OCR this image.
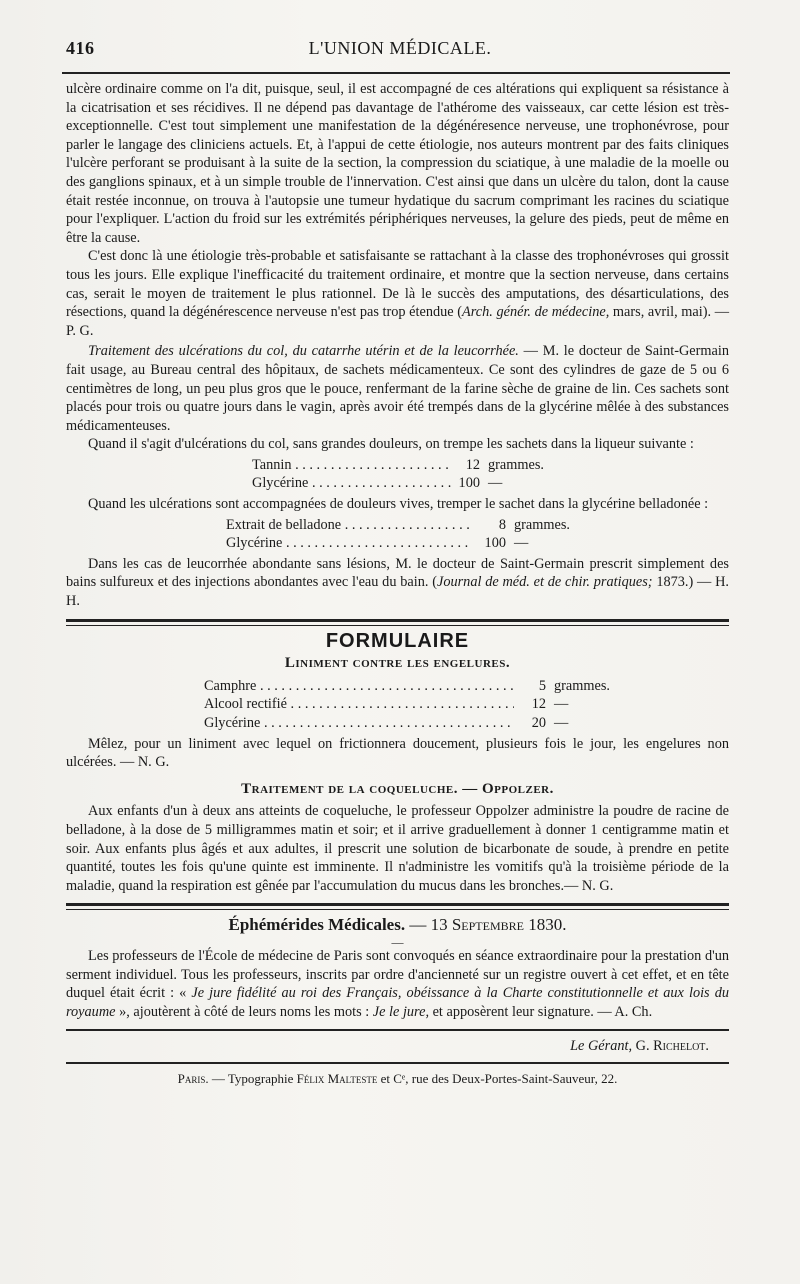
416	L'UNION MÉDICALE.

ulcère ordinaire comme on l'a dit, puisque, seul, il est accompagné de ces altérations qui expliquent sa résistance à la cicatrisation et ses récidives. Il ne dépend pas davantage de l'athérome des vaisseaux, car cette lésion est très-exceptionnelle. C'est tout simplement une manifestation de la dégénéresence nerveuse, une trophonévrose, pour parler le langage des cliniciens actuels. Et, à l'appui de cette étiologie, nos auteurs montrent par des faits cliniques l'ulcère perforant se produisant à la suite de la section, la compression du sciatique, à une maladie de la moelle ou des ganglions spinaux, et à un simple trouble de l'innervation. C'est ainsi que dans un ulcère du talon, dont la cause était restée inconnue, on trouva à l'autopsie une tumeur hydatique du sacrum comprimant les racines du sciatique pour l'expliquer. L'action du froid sur les extrémités périphériques nerveuses, la gelure des pieds, peut de même en être la cause.

C'est donc là une étiologie très-probable et satisfaisante se rattachant à la classe des trophonévroses qui grossit tous les jours. Elle explique l'inefficacité du traitement ordinaire, et montre que la section nerveuse, dans certains cas, serait le moyen de traitement le plus rationnel. De là le succès des amputations, des désarticulations, des résections, quand la dégénérescence nerveuse n'est pas trop étendue (Arch. génér. de médecine, mars, avril, mai). — P. G.

Traitement des ulcérations du col, du catarrhe utérin et de la leucorrhée. — M. le docteur de Saint-Germain fait usage, au Bureau central des hôpitaux, de sachets médicamenteux. Ce sont des cylindres de gaze de 5 ou 6 centimètres de long, un peu plus gros que le pouce, renfermant de la farine sèche de graine de lin. Ces sachets sont placés pour trois ou quatre jours dans le vagin, après avoir été trempés dans de la glycérine mêlée à des substances médicamenteuses.

Quand il s'agit d'ulcérations du col, sans grandes douleurs, on trempe les sachets dans la liqueur suivante :

Tannin . . .	12 grammes.
Glycérine . . .	100 —

Quand les ulcérations sont accompagnées de douleurs vives, tremper le sachet dans la glycérine belladonée :

Extrait de belladone . . .	8 grammes.
Glycérine . . .	100 —

Dans les cas de leucorrhée abondante sans lésions, M. le docteur de Saint-Germain prescrit simplement des bains sulfureux et des injections abondantes avec l'eau du bain. (Journal de méd. et de chir. pratiques; 1873.) — H. H.

FORMULAIRE
Liniment contre les engelures.
Camphre . . .	5 grammes.
Alcool rectifié . . .	12 —
Glycérine . . .	20 —

Mêlez, pour un liniment avec lequel on frictionnera doucement, plusieurs fois le jour, les engelures non ulcérées. — N. G.

Traitement de la coqueluche. — Oppolzer.

Aux enfants d'un à deux ans atteints de coqueluche, le professeur Oppolzer administre la poudre de racine de belladone, à la dose de 5 milligrammes matin et soir; et il arrive graduellement à donner 1 centigramme matin et soir. Aux enfants plus âgés et aux adultes, il prescrit une solution de bicarbonate de soude, à prendre en petite quantité, toutes les fois qu'une quinte est imminente. Il n'administre les vomitifs qu'à la troisième période de la maladie, quand la respiration est gênée par l'accumulation du mucus dans les bronches.— N. G.

Éphémérides Médicales. — 13 Septembre 1830.
—

Les professeurs de l'École de médecine de Paris sont convoqués en séance extraordinaire pour la prestation d'un serment individuel. Tous les professeurs, inscrits par ordre d'ancienneté sur un registre ouvert à cet effet, et en tête duquel était écrit : « Je jure fidélité au roi des Français, obéissance à la Charte constitutionnelle et aux lois du royaume », ajoutèrent à côté de leurs noms les mots : Je le jure, et apposèrent leur signature. — A. Ch.

Le Gérant, G. Richelot.
Paris. — Typographie Félix Malteste et Cᵉ, rue des Deux-Portes-Saint-Sauveur, 22.
